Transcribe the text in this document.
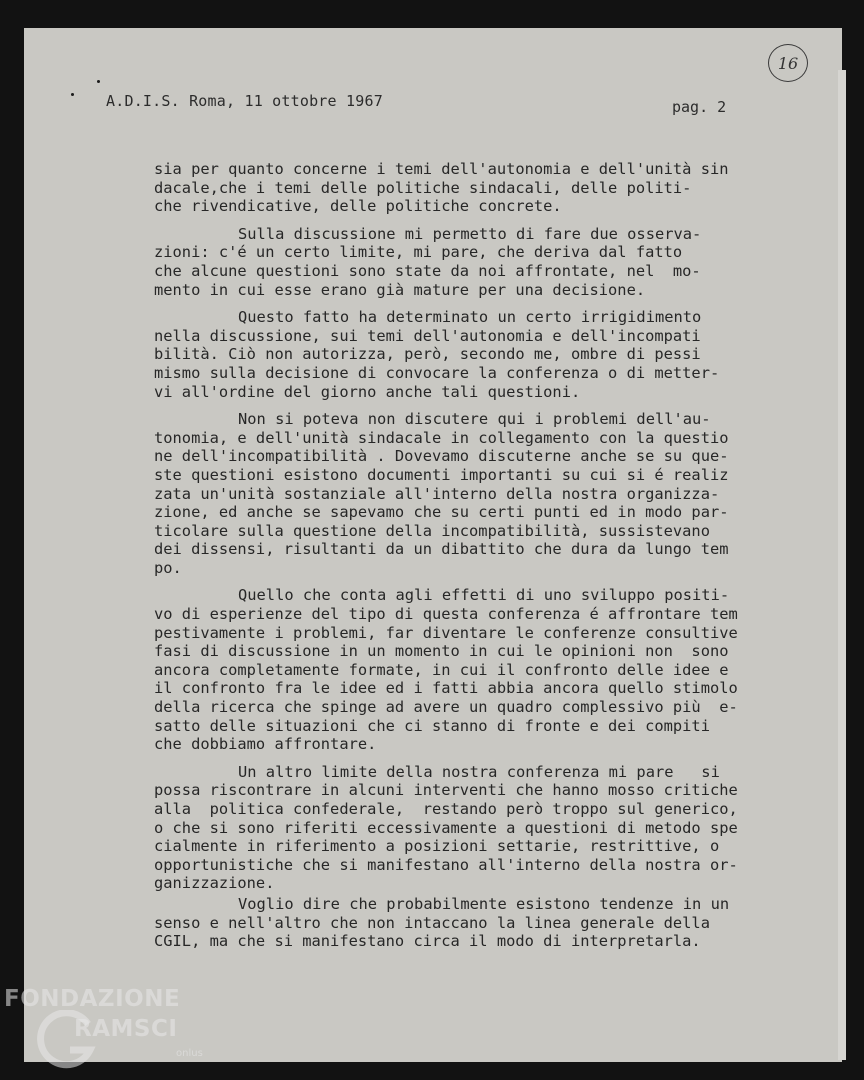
A.D.I.S. Roma, 11 ottobre 1967	pag. 2
16
sia per quanto concerne i temi dell'autonomia e dell'unità sin
dacale,che i temi delle politiche sindacali, delle politi-
che rivendicative, delle politiche concrete.
Sulla discussione mi permetto di fare due osserva-
zioni: c'é un certo limite, mi pare, che deriva dal fatto
che alcune questioni sono state da noi affrontate, nel  mo-
mento in cui esse erano già mature per una decisione.
Questo fatto ha determinato un certo irrigidimento
nella discussione, sui temi dell'autonomia e dell'incompati
bilità. Ciò non autorizza, però, secondo me, ombre di pessi
mismo sulla decisione di convocare la conferenza o di metter-
vi all'ordine del giorno anche tali questioni.
Non si poteva non discutere qui i problemi dell'au-
tonomia, e dell'unità sindacale in collegamento con la questio
ne dell'incompatibilità . Dovevamo discuterne anche se su que-
ste questioni esistono documenti importanti su cui si é realiz
zata un'unità sostanziale all'interno della nostra organizza-
zione, ed anche se sapevamo che su certi punti ed in modo par-
ticolare sulla questione della incompatibilità, sussistevano
dei dissensi, risultanti da un dibattito che dura da lungo tem
po.
Quello che conta agli effetti di uno sviluppo positi-
vo di esperienze del tipo di questa conferenza é affrontare tem
pestivamente i problemi, far diventare le conferenze consultive
fasi di discussione in un momento in cui le opinioni non  sono
ancora completamente formate, in cui il confronto delle idee e
il confronto fra le idee ed i fatti abbia ancora quello stimolo
della ricerca che spinge ad avere un quadro complessivo più  e-
satto delle situazioni che ci stanno di fronte e dei compiti
che dobbiamo affrontare.
Un altro limite della nostra conferenza mi pare   si
possa riscontrare in alcuni interventi che hanno mosso critiche
alla  politica confederale,  restando però troppo sul generico,
o che si sono riferiti eccessivamente a questioni di metodo spe
cialmente in riferimento a posizioni settarie, restrittive, o
opportunistiche che si manifestano all'interno della nostra or-
ganizzazione.
Voglio dire che probabilmente esistono tendenze in un
senso e nell'altro che non intaccano la linea generale della
CGIL, ma che si manifestano circa il modo di interpretarla.
FONDAZIONE
RAMSCI
onlus
